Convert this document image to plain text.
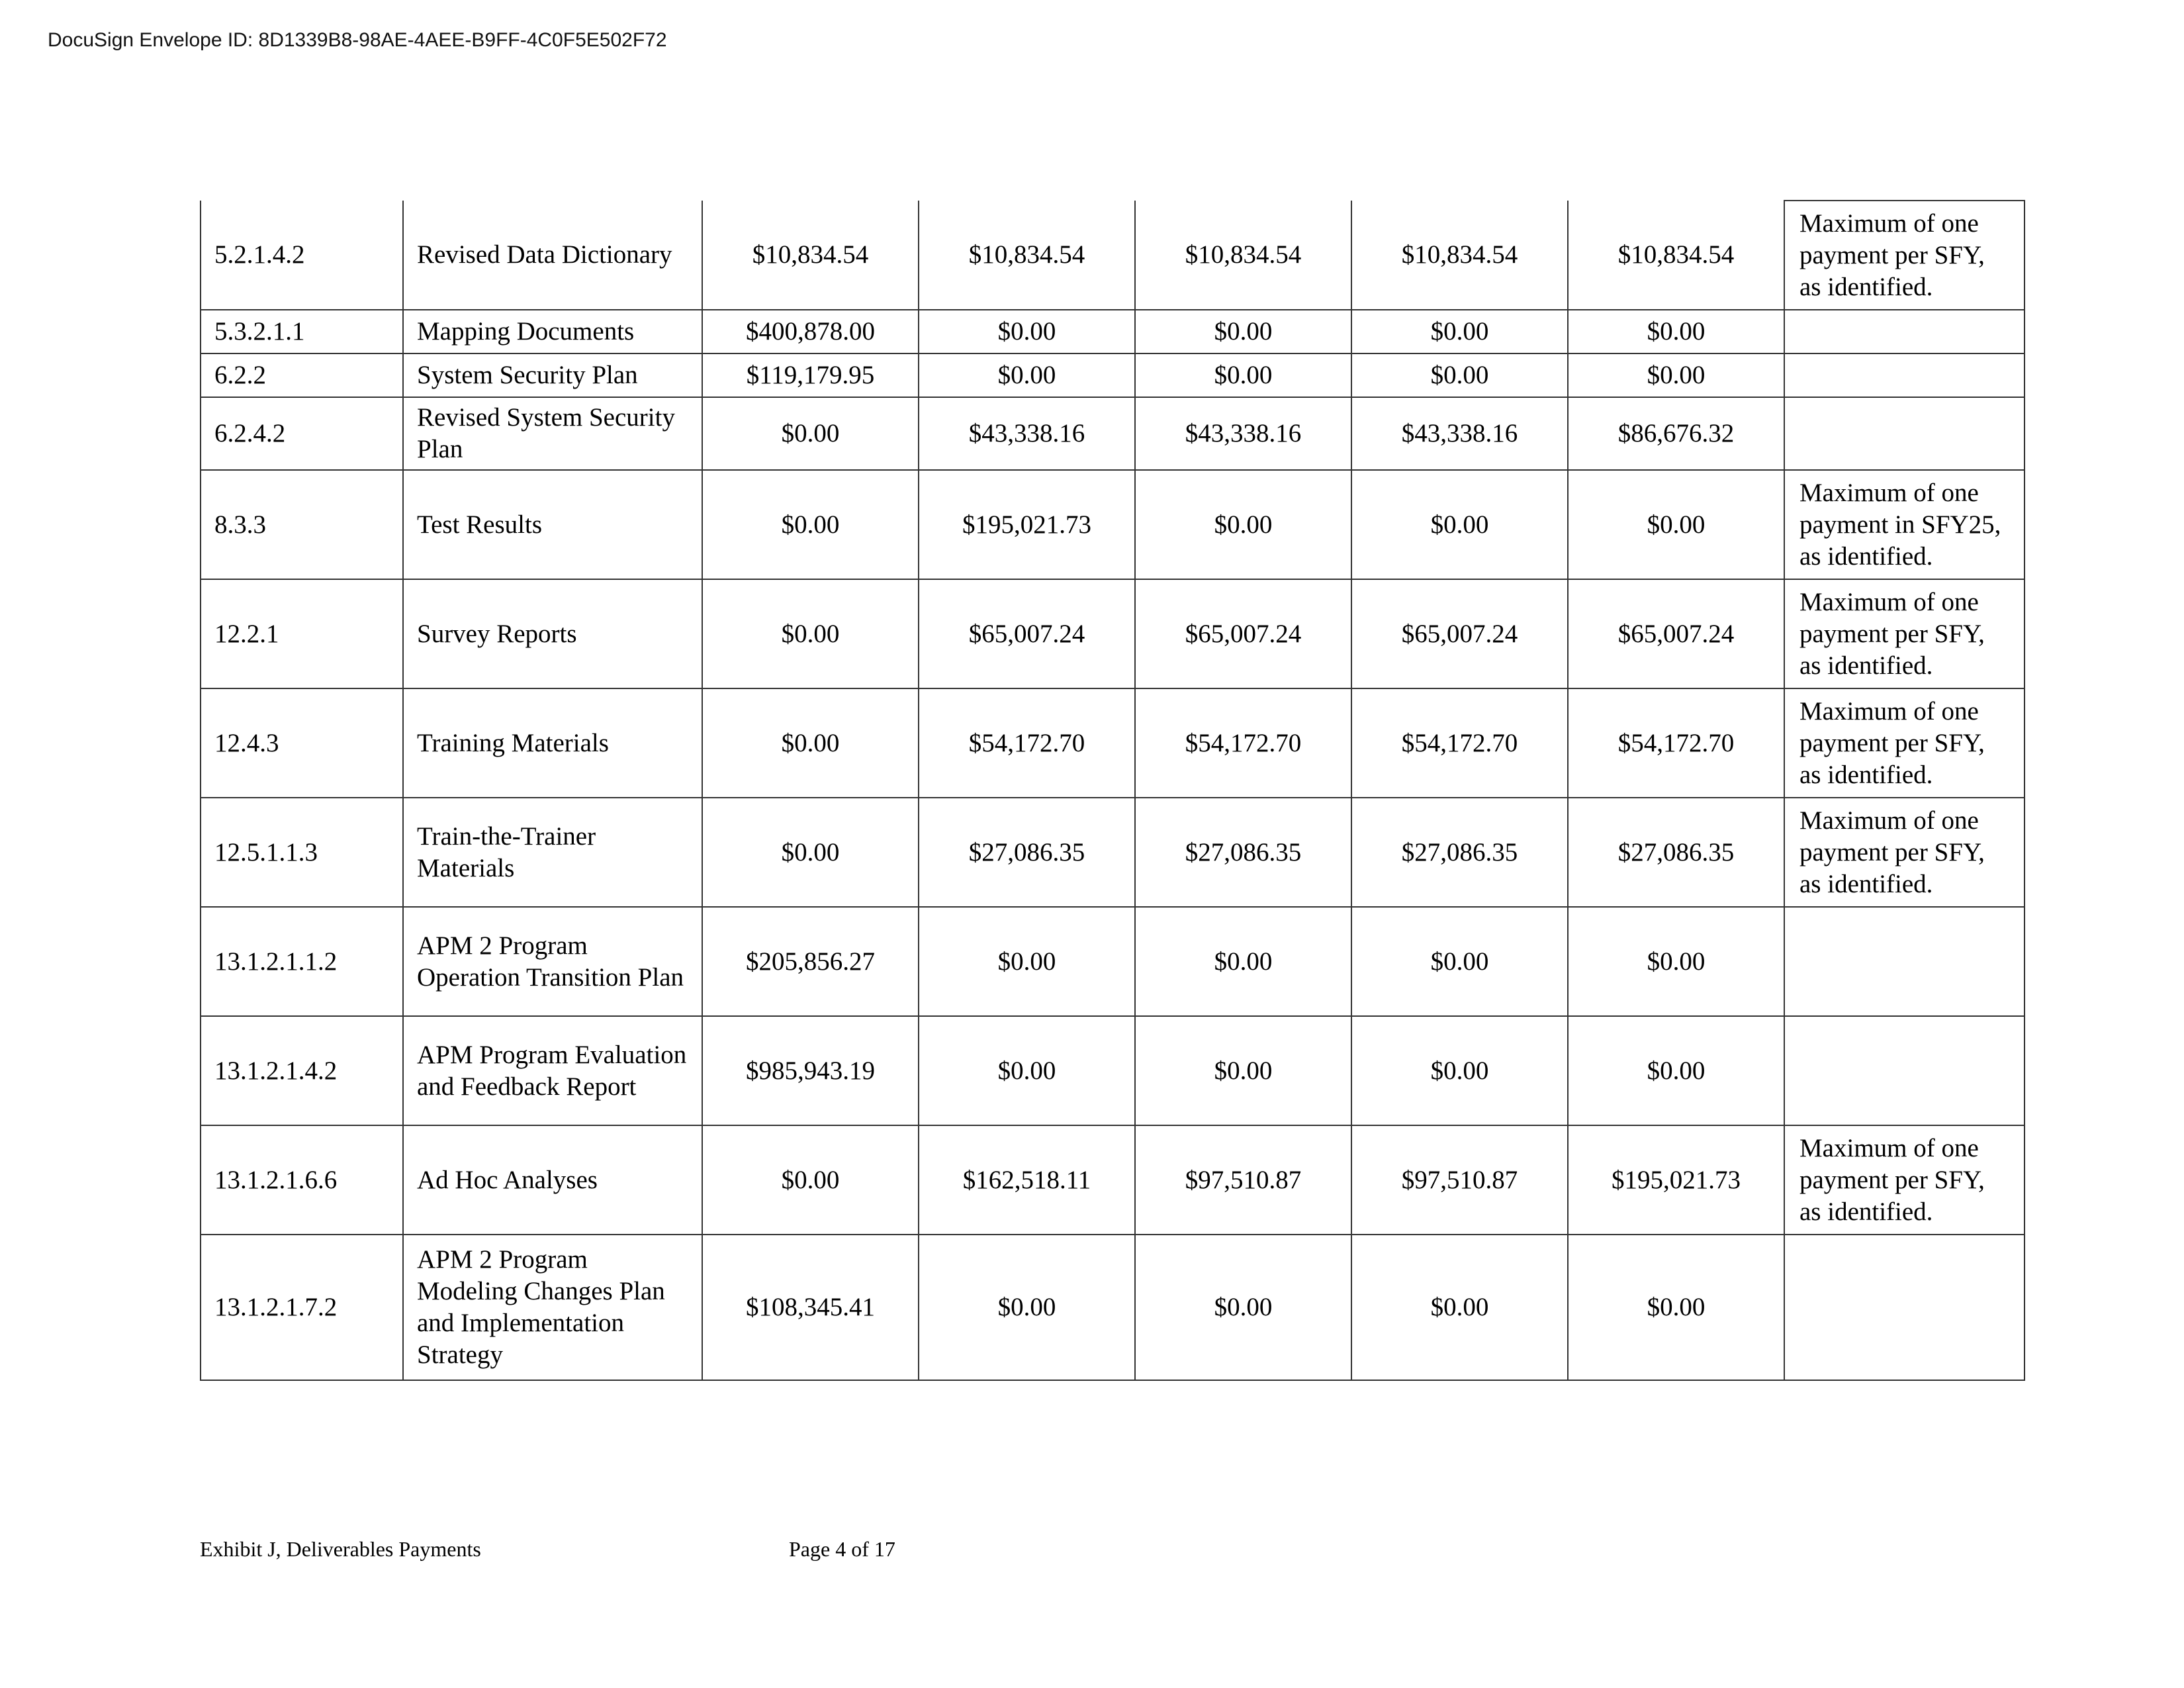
DocuSign Envelope ID: 8D1339B8-98AE-4AEE-B9FF-4C0F5E502F72
5.2.1.4.2	Revised Data Dictionary	$10,834.54	$10,834.54	$10,834.54	$10,834.54	$10,834.54	Maximum of one payment per SFY, as identified.
5.3.2.1.1	Mapping Documents	$400,878.00	$0.00	$0.00	$0.00	$0.00	
6.2.2	System Security Plan	$119,179.95	$0.00	$0.00	$0.00	$0.00	
6.2.4.2	Revised System Security Plan	$0.00	$43,338.16	$43,338.16	$43,338.16	$86,676.32	
8.3.3	Test Results	$0.00	$195,021.73	$0.00	$0.00	$0.00	Maximum of one payment in SFY25, as identified.
12.2.1	Survey Reports	$0.00	$65,007.24	$65,007.24	$65,007.24	$65,007.24	Maximum of one payment per SFY, as identified.
12.4.3	Training Materials	$0.00	$54,172.70	$54,172.70	$54,172.70	$54,172.70	Maximum of one payment per SFY, as identified.
12.5.1.1.3	Train-the-Trainer Materials	$0.00	$27,086.35	$27,086.35	$27,086.35	$27,086.35	Maximum of one payment per SFY, as identified.
13.1.2.1.1.2	APM 2 Program Operation Transition Plan	$205,856.27	$0.00	$0.00	$0.00	$0.00	
13.1.2.1.4.2	APM Program Evaluation and Feedback Report	$985,943.19	$0.00	$0.00	$0.00	$0.00	
13.1.2.1.6.6	Ad Hoc Analyses	$0.00	$162,518.11	$97,510.87	$97,510.87	$195,021.73	Maximum of one payment per SFY, as identified.
13.1.2.1.7.2	APM 2 Program Modeling Changes Plan and Implementation Strategy	$108,345.41	$0.00	$0.00	$0.00	$0.00	
Exhibit J, Deliverables Payments	Page 4 of 17
